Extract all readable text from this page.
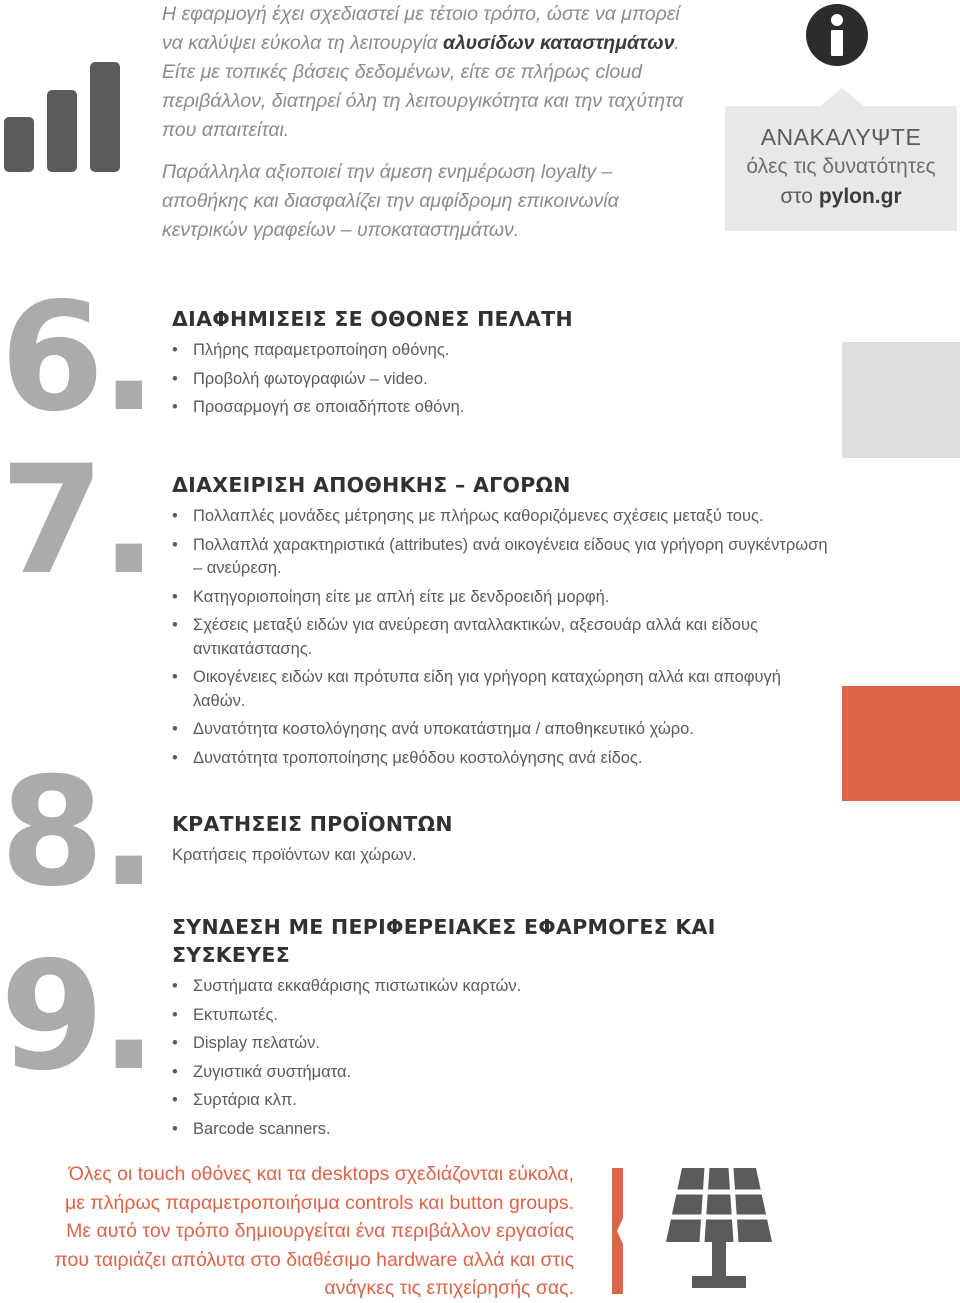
Η εφαρμογή έχει σχεδιαστεί με τέτοιο τρόπο, ώστε να μπορεί να καλύψει εύκολα τη λειτουργία αλυσίδων καταστημάτων. Είτε με τοπικές βάσεις δεδομένων, είτε σε πλήρως cloud περιβάλλον, διατηρεί όλη τη λειτουργικότητα και την ταχύτητα που απαιτείται.

Παράλληλα αξιοποιεί την άμεση ενημέρωση loyalty – αποθήκης και διασφαλίζει την αμφίδρομη επικοινωνία κεντρικών γραφείων – υποκαταστημάτων.

ΑΝΑΚΑΛΥΨΤΕ
όλες τις δυνατότητες
στο pylon.gr
6.
7.
8.
9.
ΔΙΑΦΗΜΙΣΕΙΣ ΣΕ ΟΘΟΝΕΣ ΠΕΛΑΤΗ
• Πλήρης παραμετροποίηση οθόνης.
• Προβολή φωτογραφιών – video.
• Προσαρμογή σε οποιαδήποτε οθόνη.
ΔΙΑΧΕΙΡΙΣΗ ΑΠΟΘΗΚΗΣ – ΑΓΟΡΩΝ
• Πολλαπλές μονάδες μέτρησης με πλήρως καθοριζόμενες σχέσεις μεταξύ τους.
• Πολλαπλά χαρακτηριστικά (attributes) ανά οικογένεια είδους για γρήγορη συγκέντρωση – ανεύρεση.
• Κατηγοριοποίηση είτε με απλή είτε με δενδροειδή μορφή.
• Σχέσεις μεταξύ ειδών για ανεύρεση ανταλλακτικών, αξεσουάρ αλλά και είδους αντικατάστασης.
• Οικογένειες ειδών και πρότυπα είδη για γρήγορη καταχώρηση αλλά και αποφυγή λαθών.
• Δυνατότητα κοστολόγησης ανά υποκατάστημα / αποθηκευτικό χώρο.
• Δυνατότητα τροποποίησης μεθόδου κοστολόγησης ανά είδος.
ΚΡΑΤΗΣΕΙΣ ΠΡΟΪΟΝΤΩΝ

Κρατήσεις προϊόντων και χώρων.

ΣΥΝΔΕΣΗ ΜΕ ΠΕΡΙΦΕΡΕΙΑΚΕΣ ΕΦΑΡΜΟΓΕΣ ΚΑΙ ΣΥΣΚΕΥΕΣ
• Συστήματα εκκαθάρισης πιστωτικών καρτών.
• Εκτυπωτές.
• Display πελατών.
• Ζυγιστικά συστήματα.
• Συρτάρια κλπ.
• Barcode scanners.

Όλες οι touch οθόνες και τα desktops σχεδιάζονται εύκολα,

με πλήρως παραμετροποιήσιμα controls και button groups.

Με αυτό τον τρόπο δημιουργείται ένα περιβάλλον εργασίας

που ταιριάζει απόλυτα στο διαθέσιμο hardware αλλά και στις

ανάγκες τις επιχείρησής σας.
